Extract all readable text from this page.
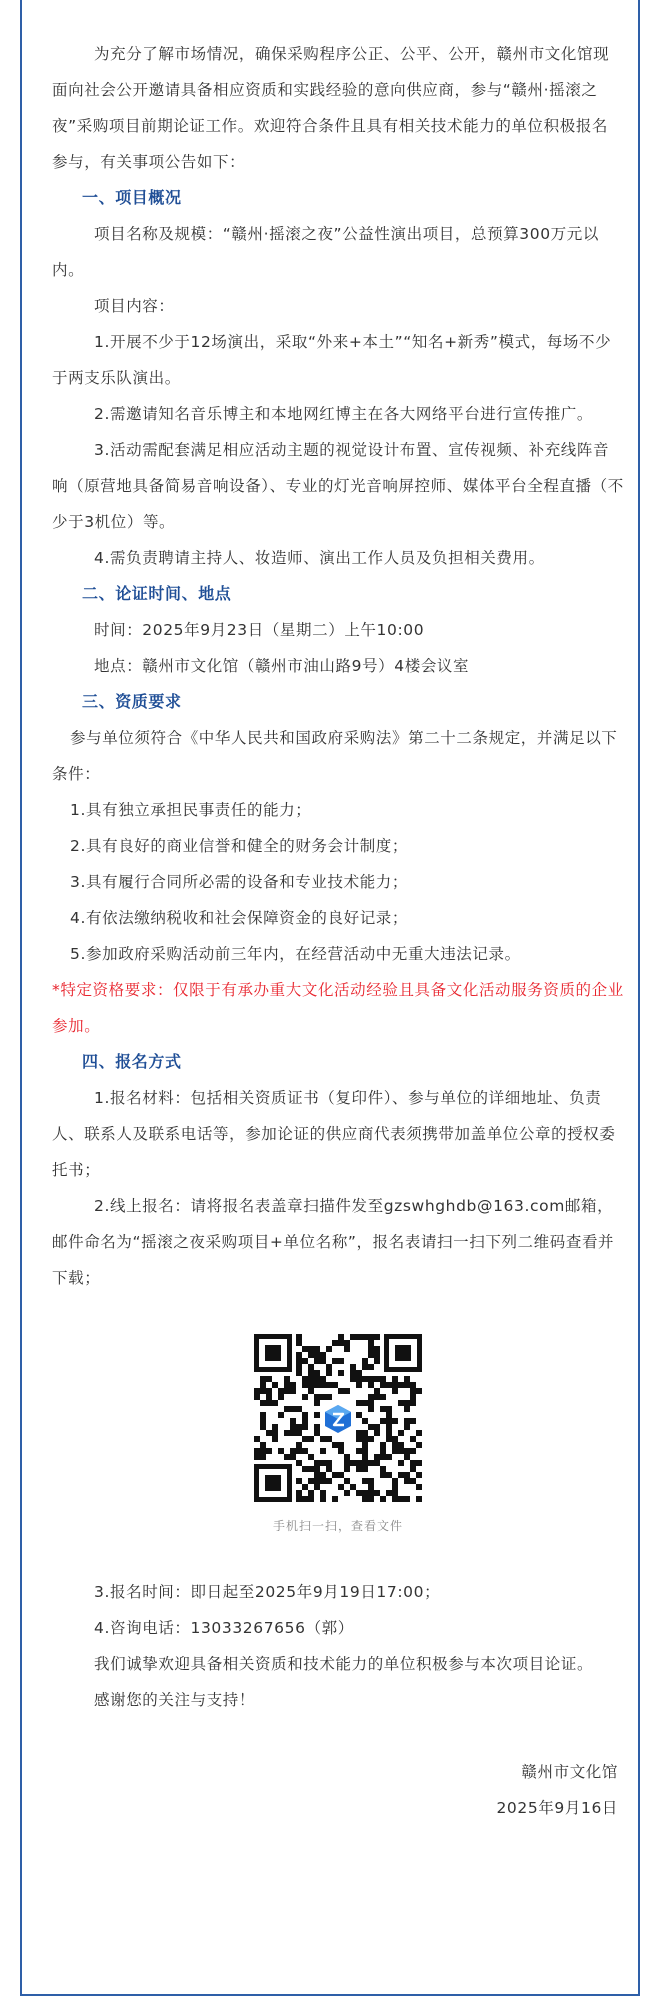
为充分了解市场情况，确保采购程序公正、公平、公开，赣州市文化馆现面向社会公开邀请具备相应资质和实践经验的意向供应商，参与“赣州·摇滚之夜”采购项目前期论证工作。欢迎符合条件且具有相关技术能力的单位积极报名参与，有关事项公告如下：

一、项目概况

项目名称及规模：“赣州·摇滚之夜”公益性演出项目，总预算300万元以内。

项目内容：

1.开展不少于12场演出，采取“外来+本土”“知名+新秀”模式，每场不少于两支乐队演出。

2.需邀请知名音乐博主和本地网红博主在各大网络平台进行宣传推广。

3.活动需配套满足相应活动主题的视觉设计布置、宣传视频、补充线阵音响（原营地具备简易音响设备）、专业的灯光音响屏控师、媒体平台全程直播（不少于3机位）等。

4.需负责聘请主持人、妆造师、演出工作人员及负担相关费用。

二、论证时间、地点

时间：2025年9月23日（星期二）上午10:00

地点：赣州市文化馆（赣州市油山路9号）4楼会议室

三、资质要求

参与单位须符合《中华人民共和国政府采购法》第二十二条规定，并满足以下条件：

1.具有独立承担民事责任的能力；

2.具有良好的商业信誉和健全的财务会计制度；

3.具有履行合同所必需的设备和专业技术能力；

4.有依法缴纳税收和社会保障资金的良好记录；

5.参加政府采购活动前三年内，在经营活动中无重大违法记录。

*特定资格要求：仅限于有承办重大文化活动经验且具备文化活动服务资质的企业参加。

四、报名方式

1.报名材料：包括相关资质证书（复印件）、参与单位的详细地址、负责人、联系人及联系电话等，参加论证的供应商代表须携带加盖单位公章的授权委托书；

2.线上报名：请将报名表盖章扫描件发至gzswhghdb@163.com邮箱，邮件命名为“摇滚之夜采购项目+单位名称”，报名表请扫一扫下列二维码查看并下载；

手机扫一扫，查看文件

3.报名时间：即日起至2025年9月19日17:00；

4.咨询电话：13033267656（郭）

我们诚挚欢迎具备相关资质和技术能力的单位积极参与本次项目论证。

感谢您的关注与支持！

赣州市文化馆

2025年9月16日
